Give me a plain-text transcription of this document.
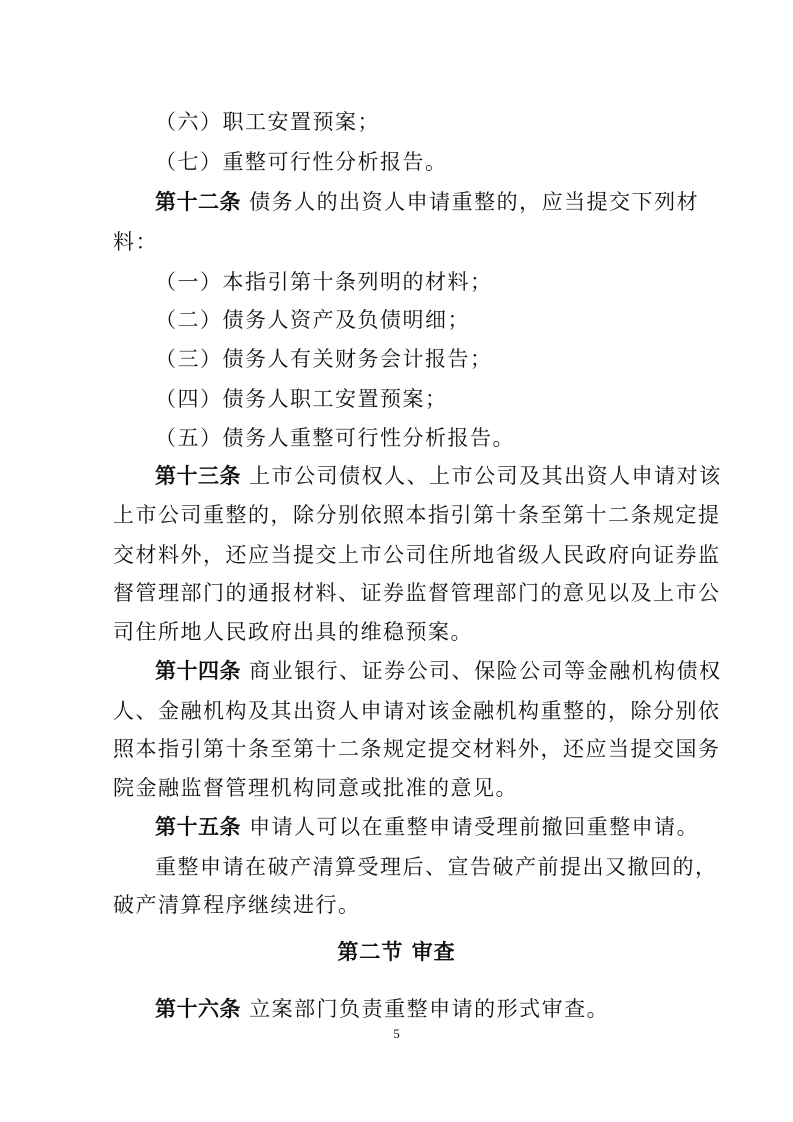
（六）职工安置预案；
（七）重整可行性分析报告。
第十二条 债务人的出资人申请重整的，应当提交下列材
料：
（一）本指引第十条列明的材料；
（二）债务人资产及负债明细；
（三）债务人有关财务会计报告；
（四）债务人职工安置预案；
（五）债务人重整可行性分析报告。
第十三条 上市公司债权人、上市公司及其出资人申请对该
上市公司重整的，除分别依照本指引第十条至第十二条规定提
交材料外，还应当提交上市公司住所地省级人民政府向证券监
督管理部门的通报材料、证券监督管理部门的意见以及上市公
司住所地人民政府出具的维稳预案。
第十四条 商业银行、证券公司、保险公司等金融机构债权
人、金融机构及其出资人申请对该金融机构重整的，除分别依
照本指引第十条至第十二条规定提交材料外，还应当提交国务
院金融监督管理机构同意或批准的意见。
第十五条 申请人可以在重整申请受理前撤回重整申请。
重整申请在破产清算受理后、宣告破产前提出又撤回的，
破产清算程序继续进行。
第二节 审查
第十六条 立案部门负责重整申请的形式审查。
5
